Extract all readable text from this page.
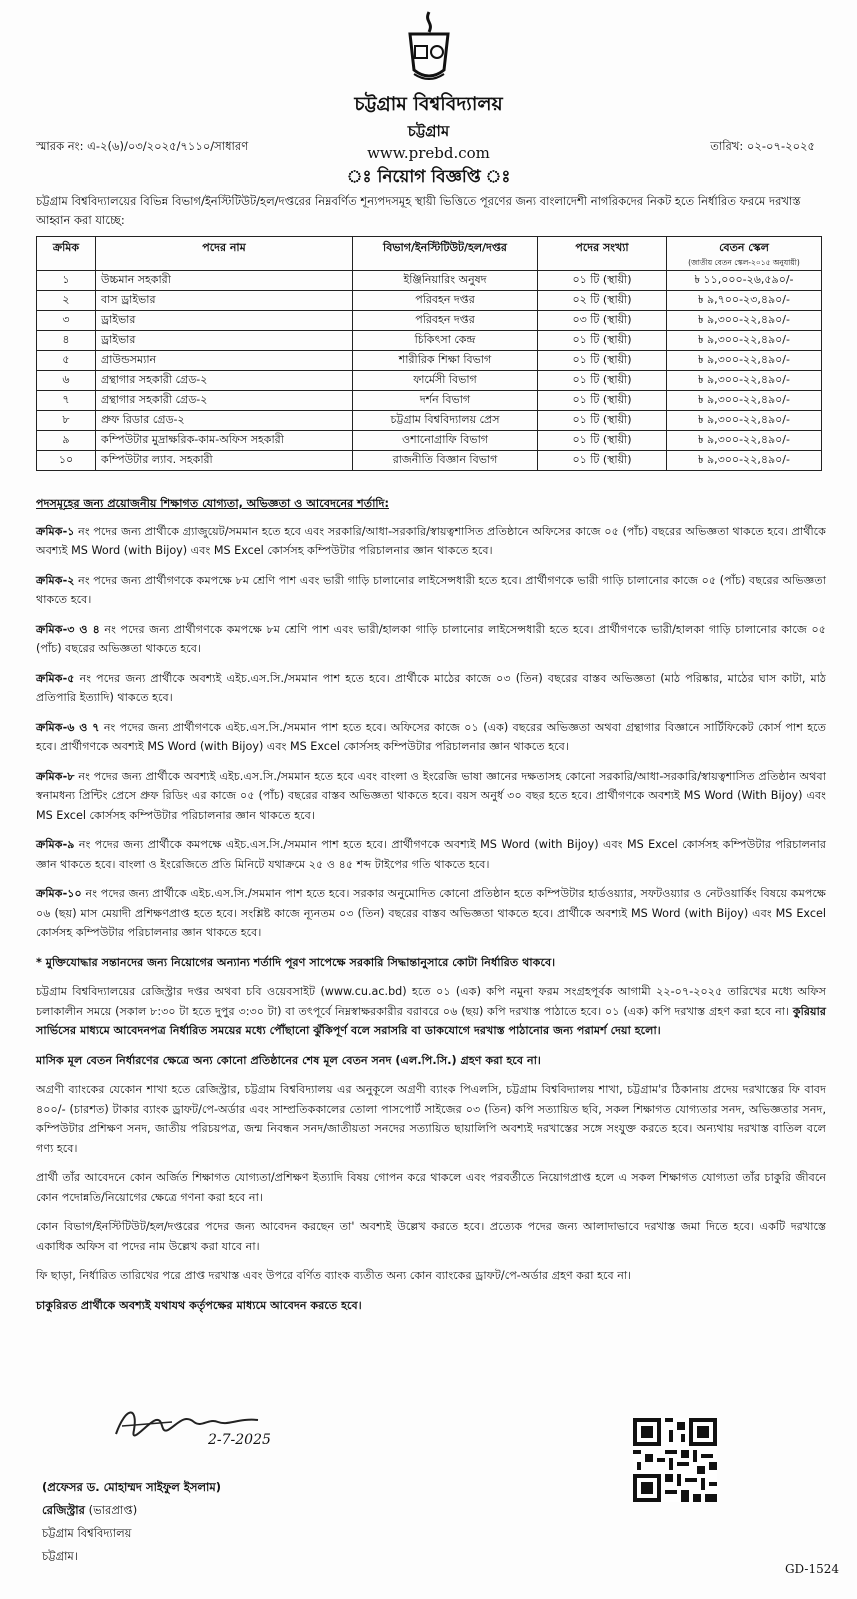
চট্টগ্রাম বিশ্ববিদ্যালয়
চট্টগ্রাম
স্মারক নং: এ-২(৬)/০৩/২০২৫/৭১১০/সাধারণ	তারিখ: ০২-০৭-২০২৫
www.prebd.com
ঃ নিয়োগ বিজ্ঞপ্তি ঃ
চট্টগ্রাম বিশ্ববিদ্যালয়ের বিভিন্ন বিভাগ/ইনস্টিটিউট/হল/দপ্তরের নিম্নবর্ণিত শূন্যপদসমূহ স্থায়ী ভিত্তিতে পূরণের জন্য বাংলাদেশী নাগরিকদের নিকট হতে নির্ধারিত ফরমে দরখাস্ত আহ্বান করা যাচ্ছে:
ক্রমিক	পদের নাম	বিভাগ/ইনস্টিটিউট/হল/দপ্তর	পদের সংখ্যা	বেতন স্কেল
(জাতীয় বেতন স্কেল-২০১৫ অনুযায়ী)

১	উচ্চমান সহকারী	ইঞ্জিনিয়ারিং অনুষদ	০১ টি (স্থায়ী)	৳ ১১,০০০-২৬,৫৯০/-
২	বাস ড্রাইভার	পরিবহন দপ্তর	০২ টি (স্থায়ী)	৳ ৯,৭০০-২৩,৪৯০/-
৩	ড্রাইভার	পরিবহন দপ্তর	০৩ টি (স্থায়ী)	৳ ৯,৩০০-২২,৪৯০/-
৪	ড্রাইভার	চিকিৎসা কেন্দ্র	০১ টি (স্থায়ী)	৳ ৯,৩০০-২২,৪৯০/-
৫	গ্রাউন্ডসম্যান	শারীরিক শিক্ষা বিভাগ	০১ টি (স্থায়ী)	৳ ৯,৩০০-২২,৪৯০/-
৬	গ্রন্থাগার সহকারী গ্রেড-২	ফার্মেসী বিভাগ	০১ টি (স্থায়ী)	৳ ৯,৩০০-২২,৪৯০/-
৭	গ্রন্থাগার সহকারী গ্রেড-২	দর্শন বিভাগ	০১ টি (স্থায়ী)	৳ ৯,৩০০-২২,৪৯০/-
৮	প্রুফ রিডার গ্রেড-২	চট্টগ্রাম বিশ্ববিদ্যালয় প্রেস	০১ টি (স্থায়ী)	৳ ৯,৩০০-২২,৪৯০/-
৯	কম্পিউটার মুদ্রাক্ষরিক-কাম-অফিস সহকারী	ওশানোগ্রাফি বিভাগ	০১ টি (স্থায়ী)	৳ ৯,৩০০-২২,৪৯০/-
১০	কম্পিউটার ল্যাব. সহকারী	রাজনীতি বিজ্ঞান বিভাগ	০১ টি (স্থায়ী)	৳ ৯,৩০০-২২,৪৯০/-

পদসমূহের জন্য প্রয়োজনীয় শিক্ষাগত যোগ্যতা, অভিজ্ঞতা ও আবেদনের শর্তাদি:

ক্রমিক-১ নং পদের জন্য প্রার্থীকে গ্র্যাজুয়েট/সমমান হতে হবে এবং সরকারি/আধা-সরকারি/স্বায়ত্বশাসিত প্রতিষ্ঠানে অফিসের কাজে ০৫ (পাঁচ) বছরের অভিজ্ঞতা থাকতে হবে। প্রার্থীকে অবশ্যই MS Word (with Bijoy) এবং MS Excel কোর্সসহ কম্পিউটার পরিচালনার জ্ঞান থাকতে হবে।

ক্রমিক-২ নং পদের জন্য প্রার্থীগণকে কমপক্ষে ৮ম শ্রেণি পাশ এবং ভারী গাড়ি চালানোর লাইসেন্সধারী হতে হবে। প্রার্থীগণকে ভারী গাড়ি চালানোর কাজে ০৫ (পাঁচ) বছরের অভিজ্ঞতা থাকতে হবে।

ক্রমিক-৩ ও ৪ নং পদের জন্য প্রার্থীগণকে কমপক্ষে ৮ম শ্রেণি পাশ এবং ভারী/হালকা গাড়ি চালানোর লাইসেন্সধারী হতে হবে। প্রার্থীগণকে ভারী/হালকা গাড়ি চালানোর কাজে ০৫ (পাঁচ) বছরের অভিজ্ঞতা থাকতে হবে।

ক্রমিক-৫ নং পদের জন্য প্রার্থীকে অবশ্যই এইচ.এস.সি./সমমান পাশ হতে হবে। প্রার্থীকে মাঠের কাজে ০৩ (তিন) বছরের বাস্তব অভিজ্ঞতা (মাঠ পরিষ্কার, মাঠের ঘাস কাটা, মাঠ প্রতিপারি ইত্যাদি) থাকতে হবে।

ক্রমিক-৬ ও ৭ নং পদের জন্য প্রার্থীগণকে এইচ.এস.সি./সমমান পাশ হতে হবে। অফিসের কাজে ০১ (এক) বছরের অভিজ্ঞতা অথবা গ্রন্থাগার বিজ্ঞানে সার্টিফিকেট কোর্স পাশ হতে হবে। প্রার্থীগণকে অবশ্যই MS Word (with Bijoy) এবং MS Excel কোর্সসহ কম্পিউটার পরিচালনার জ্ঞান থাকতে হবে।

ক্রমিক-৮ নং পদের জন্য প্রার্থীকে অবশ্যই এইচ.এস.সি./সমমান হতে হবে এবং বাংলা ও ইংরেজি ভাষা জ্ঞানের দক্ষতাসহ কোনো সরকারি/আধা-সরকারি/স্বায়ত্বশাসিত প্রতিষ্ঠান অথবা স্বনামধন্য প্রিন্টিং প্রেসে প্রুফ রিডিং এর কাজে ০৫ (পাঁচ) বছরের বাস্তব অভিজ্ঞতা থাকতে হবে। বয়স অনুর্ধ ৩০ বছর হতে হবে। প্রার্থীগণকে অবশ্যই MS Word (With Bijoy) এবং MS Excel কোর্সসহ কম্পিউটার পরিচালনার জ্ঞান থাকতে হবে।

ক্রমিক-৯ নং পদের জন্য প্রার্থীকে কমপক্ষে এইচ.এস.সি./সমমান পাশ হতে হবে। প্রার্থীগণকে অবশ্যই MS Word (with Bijoy) এবং MS Excel কোর্সসহ কম্পিউটার পরিচালনার জ্ঞান থাকতে হবে। বাংলা ও ইংরেজিতে প্রতি মিনিটে যথাক্রমে ২৫ ও ৪৫ শব্দ টাইপের গতি থাকতে হবে।

ক্রমিক-১০ নং পদের জন্য প্রার্থীকে এইচ.এস.সি./সমমান পাশ হতে হবে। সরকার অনুমোদিত কোনো প্রতিষ্ঠান হতে কম্পিউটার হার্ডওয়্যার, সফটওয়্যার ও নেটওয়ার্কিং বিষয়ে কমপক্ষে ০৬ (ছয়) মাস মেয়াদী প্রশিক্ষণপ্রাপ্ত হতে হবে। সংশ্লিষ্ট কাজে ন্যূনতম ০৩ (তিন) বছরের বাস্তব অভিজ্ঞতা থাকতে হবে। প্রার্থীকে অবশ্যই MS Word (with Bijoy) এবং MS Excel কোর্সসহ কম্পিউটার পরিচালনার জ্ঞান থাকতে হবে।

* মুক্তিযোদ্ধার সন্তানদের জন্য নিয়োগের অন্যান্য শর্তাদি পূরণ সাপেক্ষে সরকারি সিদ্ধান্তানুসারে কোটা নির্ধারিত থাকবে।

চট্টগ্রাম বিশ্ববিদ্যালয়ের রেজিস্ট্রার দপ্তর অথবা চবি ওয়েবসাইট (www.cu.ac.bd) হতে ০১ (এক) কপি নমুনা ফরম সংগ্রহপূর্বক আগামী ২২-০৭-২০২৫ তারিখের মধ্যে অফিস চলাকালীন সময়ে (সকাল ৮:৩০ টা হতে দুপুর ৩:৩০ টা) বা তৎপূর্বে নিম্নস্বাক্ষরকারীর বরাবরে ০৬ (ছয়) কপি দরখাস্ত পাঠাতে হবে। ০১ (এক) কপি দরখাস্ত গ্রহণ করা হবে না। কুরিয়ার সার্ভিসের মাধ্যমে আবেদনপত্র নির্ধারিত সময়ের মধ্যে পৌঁছানো ঝুঁকিপূর্ণ বলে সরাসরি বা ডাকযোগে দরখাস্ত পাঠানোর জন্য পরামর্শ দেয়া হলো।

মাসিক মূল বেতন নির্ধারণের ক্ষেত্রে অন্য কোনো প্রতিষ্ঠানের শেষ মূল বেতন সনদ (এল.পি.সি.) গ্রহণ করা হবে না।

অগ্রণী ব্যাংকের যেকোন শাখা হতে রেজিস্ট্রার, চট্টগ্রাম বিশ্ববিদ্যালয় এর অনুকূলে অগ্রণী ব্যাংক পিএলসি, চট্টগ্রাম বিশ্ববিদ্যালয় শাখা, চট্টগ্রাম'র ঠিকানায় প্রদেয় দরখাস্তের ফি বাবদ ৪০০/- (চারশত) টাকার ব্যাংক ড্রাফট/পে-অর্ডার এবং সাম্প্রতিককালের তোলা পাসপোর্ট সাইজের ০৩ (তিন) কপি সত্যায়িত ছবি, সকল শিক্ষাগত যোগ্যতার সনদ, অভিজ্ঞতার সনদ, কম্পিউটার প্রশিক্ষণ সনদ, জাতীয় পরিচয়পত্র, জন্ম নিবন্ধন সনদ/জাতীয়তা সনদের সত্যায়িত ছায়ালিপি অবশ্যই দরখাস্তের সঙ্গে সংযুক্ত করতে হবে। অন্যথায় দরখাস্ত বাতিল বলে গণ্য হবে।

প্রার্থী তাঁর আবেদনে কোন অর্জিত শিক্ষাগত যোগ্যতা/প্রশিক্ষণ ইত্যাদি বিষয় গোপন করে থাকলে এবং পরবর্তীতে নিয়োগপ্রাপ্ত হলে এ সকল শিক্ষাগত যোগ্যতা তাঁর চাকুরি জীবনে কোন পদোন্নতি/নিয়োগের ক্ষেত্রে গণনা করা হবে না।

কোন বিভাগ/ইনস্টিটিউট/হল/দপ্তরের পদের জন্য আবেদন করছেন তা' অবশ্যই উল্লেখ করতে হবে। প্রত্যেক পদের জন্য আলাদাভাবে দরখাস্ত জমা দিতে হবে। একটি দরখাস্তে একাধিক অফিস বা পদের নাম উল্লেখ করা যাবে না।

ফি ছাড়া, নির্ধারিত তারিখের পরে প্রাপ্ত দরখাস্ত এবং উপরে বর্ণিত ব্যাংক ব্যতীত অন্য কোন ব্যাংকের ড্রাফট/পে-অর্ডার গ্রহণ করা হবে না।

চাকুরিরত প্রার্থীকে অবশ্যই যথাযথ কর্তৃপক্ষের মাধ্যমে আবেদন করতে হবে।

2-7-2025
(প্রফেসর ড. মোহাম্মদ সাইফুল ইসলাম)
রেজিস্ট্রার (ভারপ্রাপ্ত)
চট্টগ্রাম বিশ্ববিদ্যালয়
চট্টগ্রাম।
GD-1524
